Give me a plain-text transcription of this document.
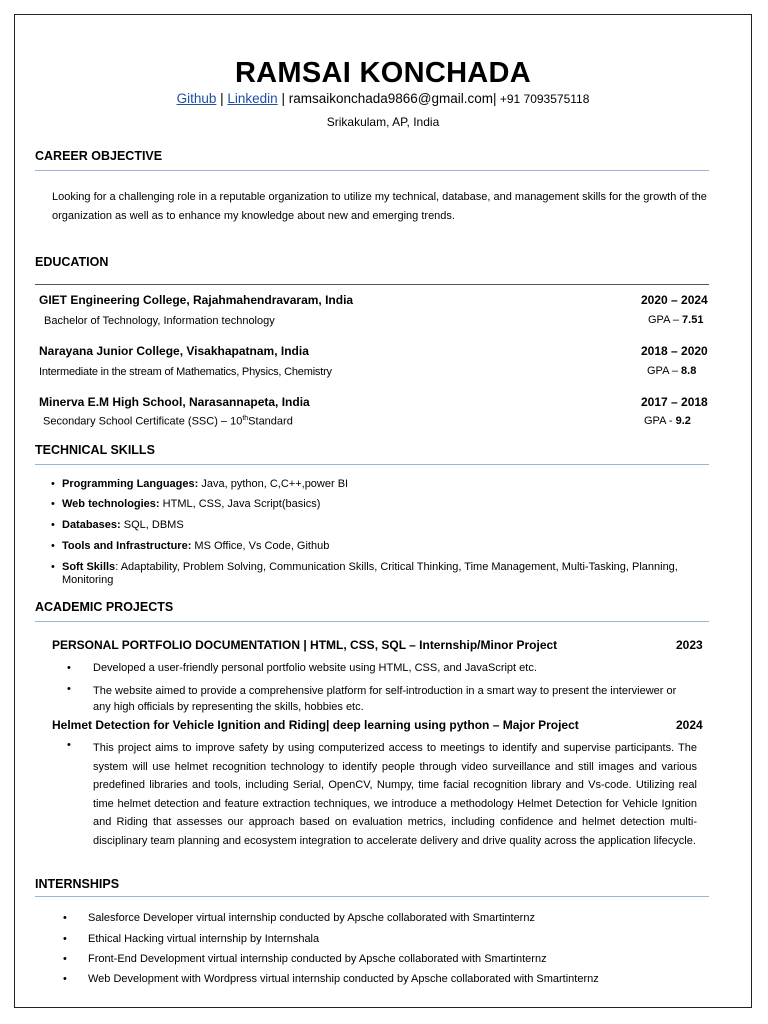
RAMSAI KONCHADA
Github | Linkedin | ramsaikonchada9866@gmail.com| +91 7093575118
Srikakulam, AP, India
CAREER OBJECTIVE
Looking for a challenging role in a reputable organization to utilize my technical, database, and management skills for the growth of the organization as well as to enhance my knowledge about new and emerging trends.
EDUCATION
GIET Engineering College, Rajahmahendravaram, India	2020 – 2024
Bachelor of Technology, Information technology	GPA – 7.51
Narayana Junior College, Visakhapatnam, India	2018 – 2020
Intermediate in the stream of Mathematics, Physics, Chemistry	GPA – 8.8
Minerva E.M High School, Narasannapeta, India	2017 – 2018
Secondary School Certificate (SSC) – 10thStandard	GPA - 9.2
TECHNICAL SKILLS
• Programming Languages: Java, python, C,C++,power BI
• Web technologies: HTML, CSS, Java Script(basics)
• Databases: SQL, DBMS
• Tools and Infrastructure: MS Office, Vs Code, Github
• Soft Skills: Adaptability, Problem Solving, Communication Skills, Critical Thinking, Time Management, Multi-Tasking, Planning, Monitoring
ACADEMIC PROJECTS
PERSONAL PORTFOLIO DOCUMENTATION | HTML, CSS, SQL – Internship/Minor Project	2023
• Developed a user-friendly personal portfolio website using HTML, CSS, and JavaScript etc.
• The website aimed to provide a comprehensive platform for self-introduction in a smart way to present the interviewer or any high officials by representing the skills, hobbies etc.
Helmet Detection for Vehicle Ignition and Riding| deep learning using python – Major Project	2024
• This project aims to improve safety by using computerized access to meetings to identify and supervise participants. The system will use helmet recognition technology to identify people through video surveillance and still images and various predefined libraries and tools, including Serial, OpenCV, Numpy, time facial recognition library and Vs-code. Utilizing real time helmet detection and feature extraction techniques, we introduce a methodology Helmet Detection for Vehicle Ignition and Riding that assesses our approach based on evaluation metrics, including confidence and helmet detection multi-disciplinary team planning and ecosystem integration to accelerate delivery and drive quality across the application lifecycle.
INTERNSHIPS
• Salesforce Developer virtual internship conducted by Apsche collaborated with Smartinternz
• Ethical Hacking virtual internship by Internshala
• Front-End Development virtual internship conducted by Apsche collaborated with Smartinternz
• Web Development with Wordpress virtual internship conducted by Apsche collaborated with Smartinternz
